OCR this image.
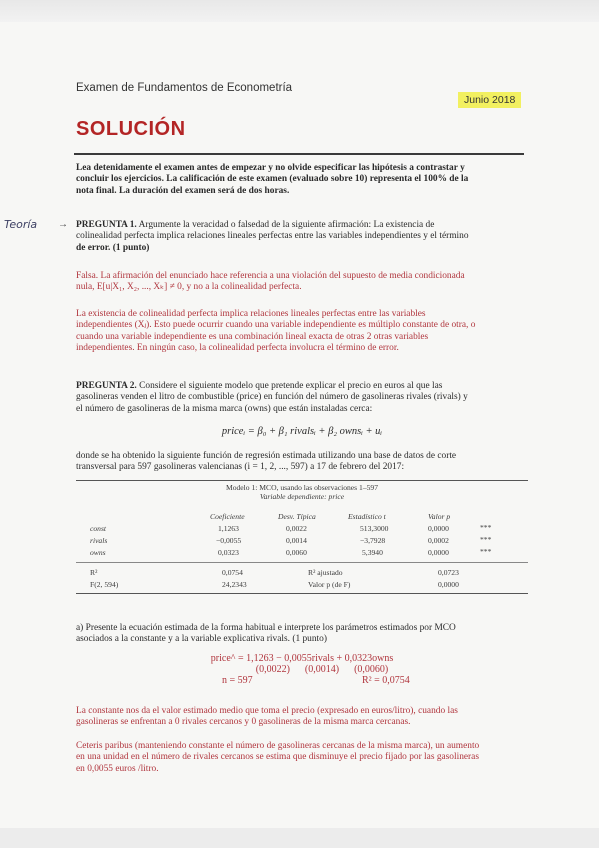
Examen de Fundamentos de Econometría
Junio 2018
SOLUCIÓN
Lea detenidamente el examen antes de empezar y no olvide especificar las hipótesis a contrastar y
concluir los ejercicios. La calificación de este examen (evaluado sobre 10) representa el 100% de la
nota final. La duración del examen será de dos horas.
Teoría → PREGUNTA 1. Argumente la veracidad o falsedad de la siguiente afirmación: La existencia de
colinealidad perfecta implica relaciones lineales perfectas entre las variables independientes y el término
de error. (1 punto)
Falsa. La afirmación del enunciado hace referencia a una violación del supuesto de media condicionada
nula, E[u|X₁, X₂, ..., Xₖ] ≠ 0, y no a la colinealidad perfecta.
La existencia de colinealidad perfecta implica relaciones lineales perfectas entre las variables
independientes (Xⱼ). Esto puede ocurrir cuando una variable independiente es múltiplo constante de otra, o
cuando una variable independiente es una combinación lineal exacta de otras 2 otras variables
independientes. En ningún caso, la colinealidad perfecta involucra el término de error.
PREGUNTA 2. Considere el siguiente modelo que pretende explicar el precio en euros al que las
gasolineras venden el litro de combustible (price) en función del número de gasolineras rivales (rivals) y
el número de gasolineras de la misma marca (owns) que están instaladas cerca:
priceᵢ = β₀ + β₁ rivalsᵢ + β₂ ownsᵢ + uᵢ
donde se ha obtenido la siguiente función de regresión estimada utilizando una base de datos de corte
transversal para 597 gasolineras valencianas (i = 1, 2, ..., 597) a 17 de febrero del 2017:
Modelo 1: MCO, usando las observaciones 1–597
Variable dependiente: price
Coeficiente	Desv. Típica	Estadístico t	Valor p
const	1,1263	0,0022	513,3000	0,0000	***
rivals	−0,0055	0,0014	−3,7928	0,0002	***
owns	0,0323	0,0060	5,3940	0,0000	***
R²	0,0754	R² ajustado	0,0723
F(2, 594)	24,2343	Valor p (de F)	0,0000
a) Presente la ecuación estimada de la forma habitual e interprete los parámetros estimados por MCO
asociados a la constante y a la variable explicativa rivals. (1 punto)
price^ = 1,1263 − 0,0055rivals + 0,0323owns
(0,0022)      (0,0014)      (0,0060)
n = 597	R² = 0,0754
La constante nos da el valor estimado medio que toma el precio (expresado en euros/litro), cuando las
gasolineras se enfrentan a 0 rivales cercanos y 0 gasolineras de la misma marca cercanas.
Ceteris paribus (manteniendo constante el número de gasolineras cercanas de la misma marca), un aumento
en una unidad en el número de rivales cercanos se estima que disminuye el precio fijado por las gasolineras
en 0,0055 euros /litro.
